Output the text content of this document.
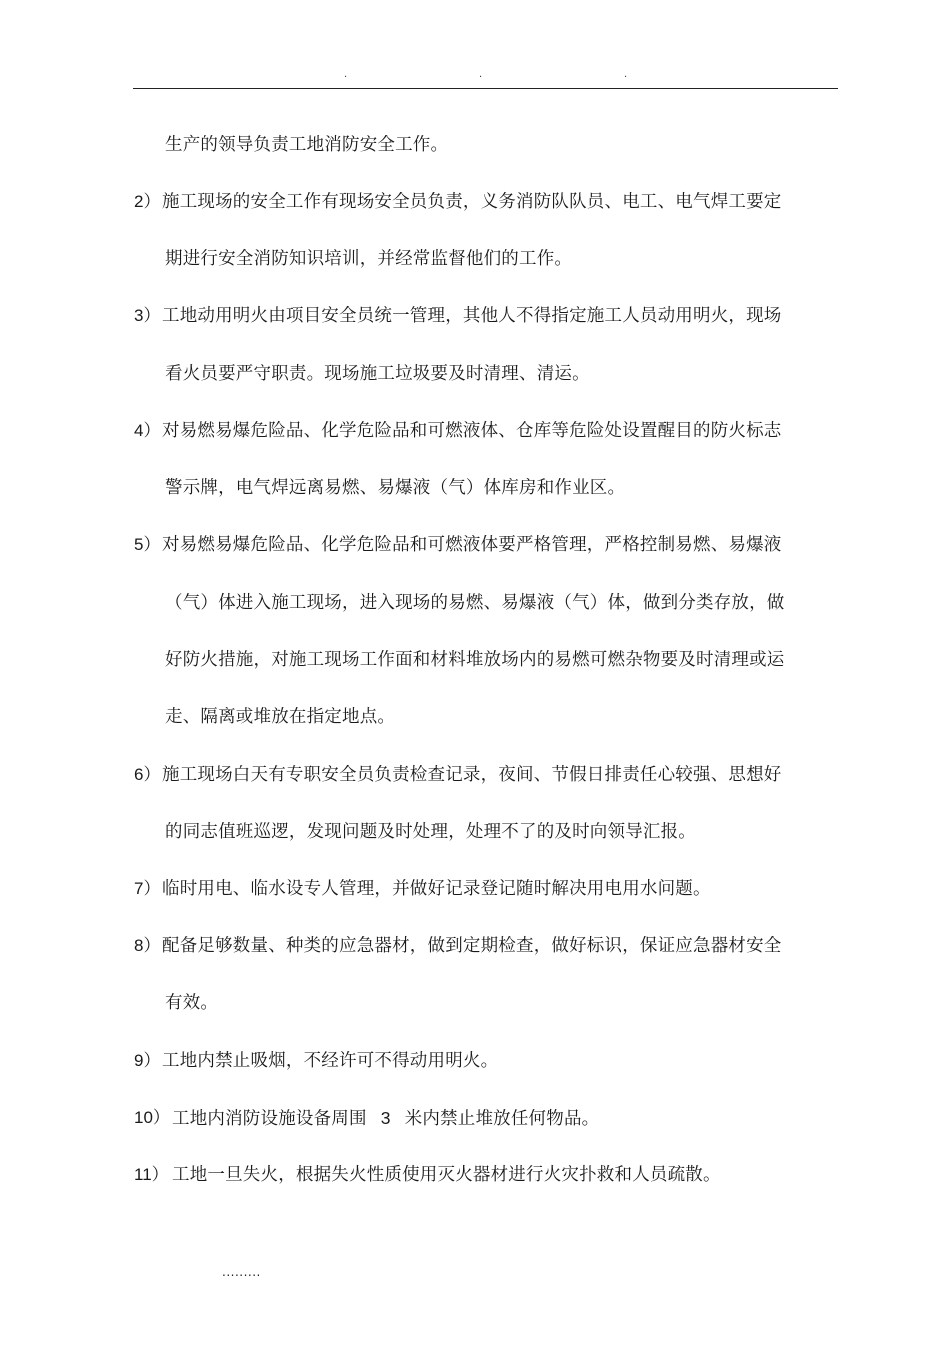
.	.	.
生产的领导负责工地消防安全工作。
2） 施工现场的安全工作有现场安全员负责，义务消防队队员、电工、电气焊工要定
期进行安全消防知识培训，并经常监督他们的工作。
3） 工地动用明火由项目安全员统一管理，其他人不得指定施工人员动用明火，现场
看火员要严守职责。现场施工垃圾要及时清理、清运。
4） 对易燃易爆危险品、化学危险品和可燃液体、仓库等危险处设置醒目的防火标志
警示牌，电气焊远离易燃、易爆液（气）体库房和作业区。
5） 对易燃易爆危险品、化学危险品和可燃液体要严格管理，严格控制易燃、易爆液
（气）体进入施工现场，进入现场的易燃、易爆液（气）体，做到分类存放，做
好防火措施，对施工现场工作面和材料堆放场内的易燃可燃杂物要及时清理或运
走、隔离或堆放在指定地点。
6） 施工现场白天有专职安全员负责检查记录，夜间、节假日排责任心较强、思想好
的同志值班巡逻，发现问题及时处理，处理不了的及时向领导汇报。
7） 临时用电、临水设专人管理，并做好记录登记随时解决用电用水问题。
8） 配备足够数量、种类的应急器材，做到定期检查，做好标识，保证应急器材安全
有效。
9） 工地内禁止吸烟，不经许可不得动用明火。
10） 工地内消防设施设备周围 3 米内禁止堆放任何物品。
11） 工地一旦失火，根据失火性质使用灭火器材进行火灾扑救和人员疏散。
.........
